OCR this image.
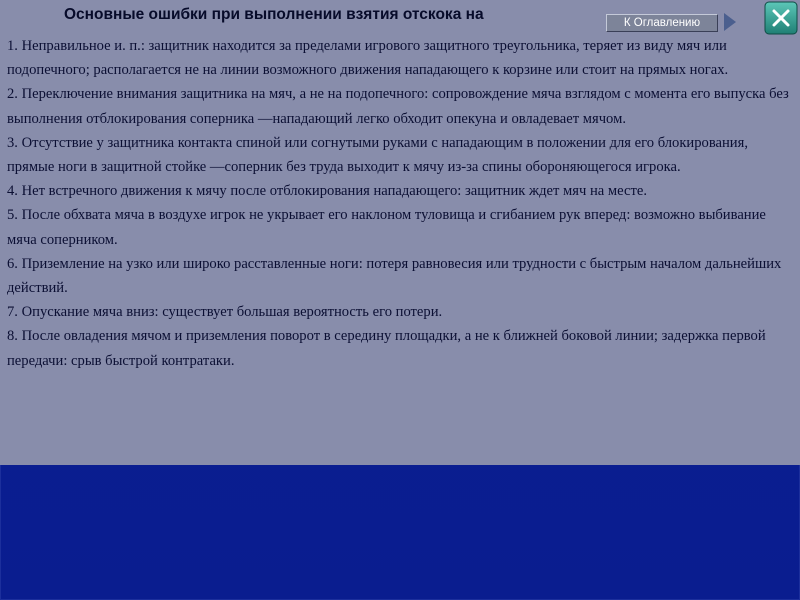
Основные ошибки при выполнении взятия отскока на	К
Оглавлению

1. Неправильное и. п.: защитник находится за пределами игрового защитного треугольника, теряет из виду мяч или подопечного; располагается не на линии возможного движения нападающего к корзине или стоит на прямых ногах.

2. Переключение внимания защитника на мяч, а не на подопечного: сопровождение мяча взглядом с момента его выпуска без выполнения отблокирования соперника —нападающий легко обходит опекуна и овладевает мячом.

3. Отсутствие у защитника контакта спиной или согнутыми руками с нападающим в положении для его блокирования, прямые ноги в защитной стойке —соперник без труда выходит к мячу из-за спины обороняющегося игрока.

4. Нет встречного движения к мячу после отблокирования нападающего: защитник ждет мяч на месте.

5. После обхвата мяча в воздухе игрок не укрывает его наклоном туловища и сгибанием рук вперед: возможно выбивание мяча соперником.

6. Приземление на узко или широко расставленные ноги: потеря равновесия или трудности с быстрым началом дальнейших действий.

7. Опускание мяча вниз: существует большая вероятность его потери.

8. После овладения мячом и приземления поворот в середину площадки, а не к ближней боковой линии; задержка первой передачи: срыв быстрой контратаки.
